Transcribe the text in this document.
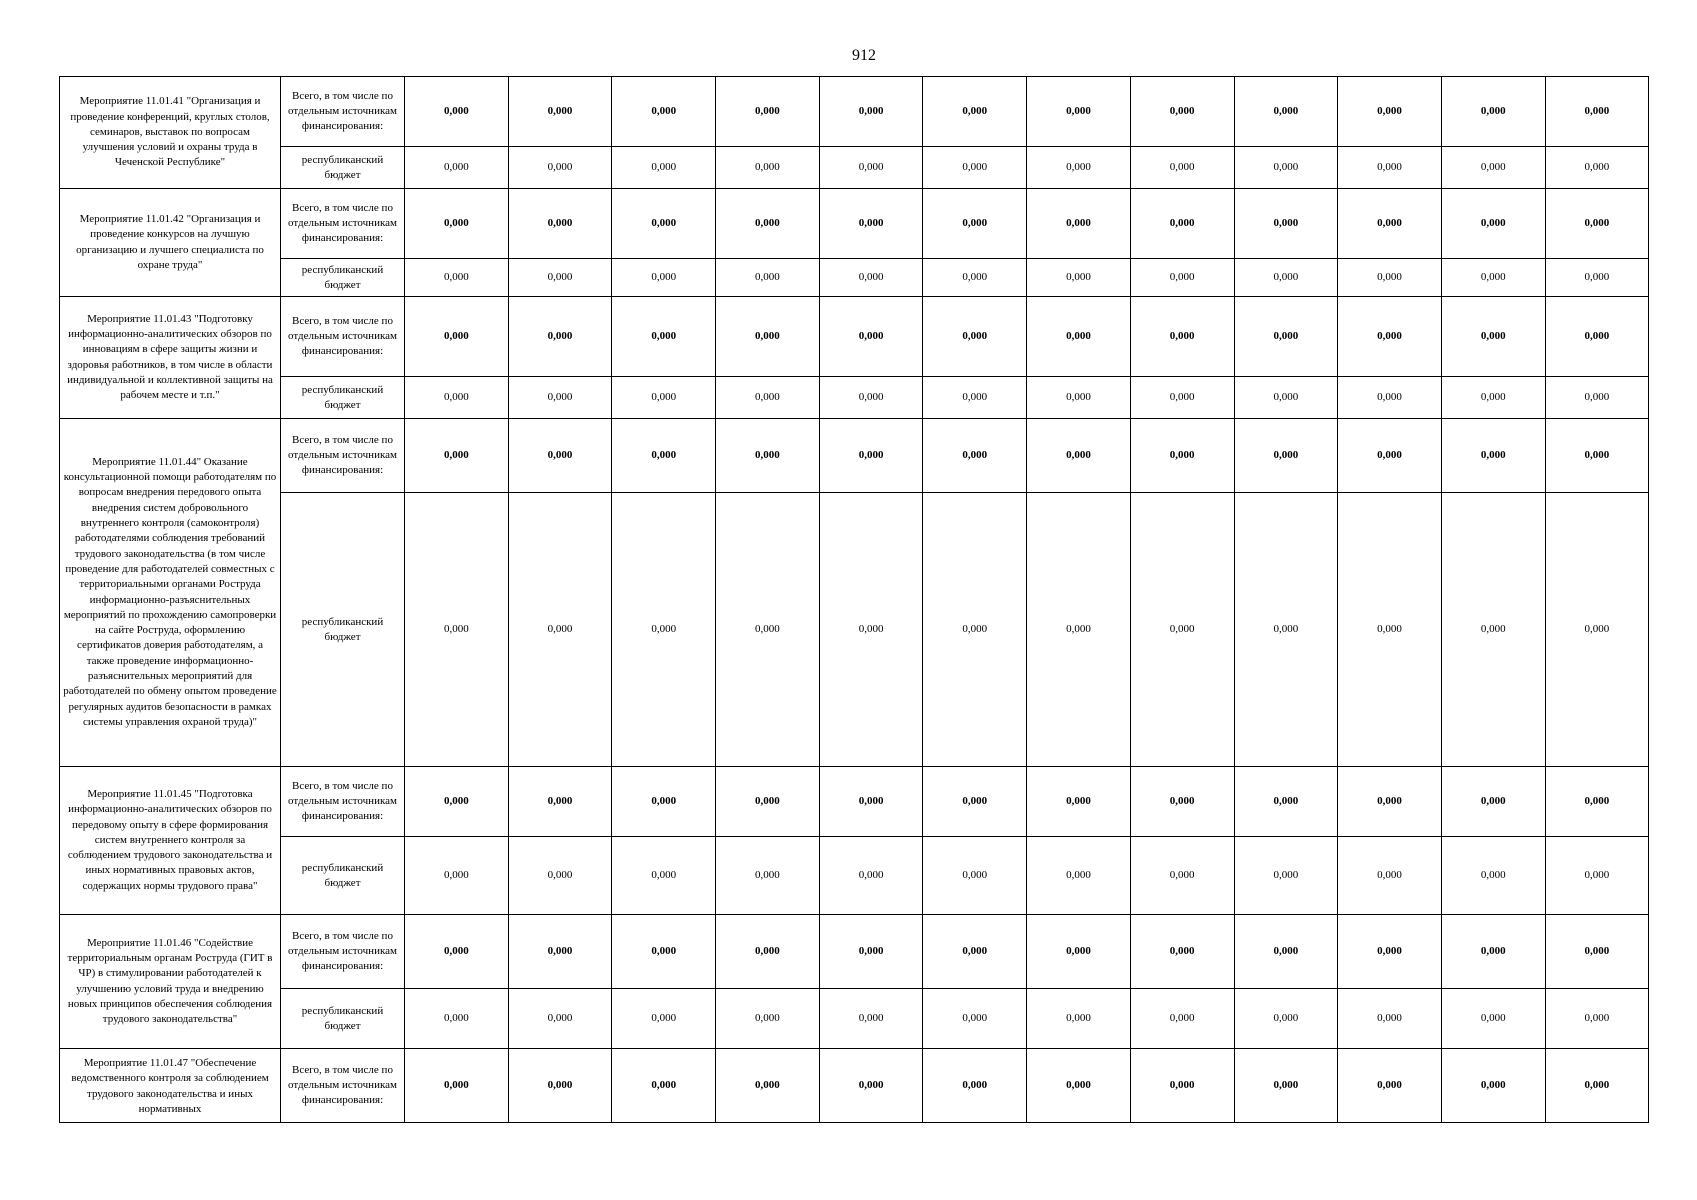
912
Мероприятие 11.01.41 "Организация и проведение конференций, круглых столов, семинаров, выставок по вопросам улучшения условий и охраны труда в Чеченской Республике"	Всего, в том числе по отдельным источникам финансирования:	0,000	0,000	0,000	0,000	0,000	0,000	0,000	0,000	0,000	0,000	0,000	0,000
	республиканский бюджет	0,000	0,000	0,000	0,000	0,000	0,000	0,000	0,000	0,000	0,000	0,000	0,000
Мероприятие 11.01.42 "Организация и проведение конкурсов на лучшую организацию и лучшего специалиста по охране труда"	Всего, в том числе по отдельным источникам финансирования:	0,000	0,000	0,000	0,000	0,000	0,000	0,000	0,000	0,000	0,000	0,000	0,000
	республиканский бюджет	0,000	0,000	0,000	0,000	0,000	0,000	0,000	0,000	0,000	0,000	0,000	0,000
Мероприятие 11.01.43 "Подготовку информационно-аналитических обзоров по инновациям в сфере защиты жизни и здоровья работников, в том числе в области индивидуальной и коллективной защиты на рабочем месте и т.п."	Всего, в том числе по отдельным источникам финансирования:	0,000	0,000	0,000	0,000	0,000	0,000	0,000	0,000	0,000	0,000	0,000	0,000
	республиканский бюджет	0,000	0,000	0,000	0,000	0,000	0,000	0,000	0,000	0,000	0,000	0,000	0,000
Мероприятие 11.01.44" Оказание консультационной помощи работодателям по вопросам внедрения передового опыта внедрения систем добровольного внутреннего контроля (самоконтроля) работодателями соблюдения требований трудового законодательства (в том числе проведение для работодателей совместных с территориальными органами Роструда информационно-разъяснительных мероприятий по прохождению самопроверки на сайте Роструда, оформлению сертификатов доверия работодателям, а также проведение информационно-разъяснительных мероприятий для работодателей по обмену опытом проведение регулярных аудитов безопасности в рамках системы управления охраной труда)"	Всего, в том числе по отдельным источникам финансирования:	0,000	0,000	0,000	0,000	0,000	0,000	0,000	0,000	0,000	0,000	0,000	0,000
	республиканский бюджет	0,000	0,000	0,000	0,000	0,000	0,000	0,000	0,000	0,000	0,000	0,000	0,000
Мероприятие 11.01.45 "Подготовка информационно-аналитических обзоров по передовому опыту в сфере формирования систем внутреннего контроля за соблюдением трудового законодательства и иных нормативных правовых актов, содержащих нормы трудового права"	Всего, в том числе по отдельным источникам финансирования:	0,000	0,000	0,000	0,000	0,000	0,000	0,000	0,000	0,000	0,000	0,000	0,000
	республиканский бюджет	0,000	0,000	0,000	0,000	0,000	0,000	0,000	0,000	0,000	0,000	0,000	0,000
Мероприятие 11.01.46 "Содействие территориальным органам Роструда (ГИТ в ЧР) в стимулировании работодателей к улучшению условий труда и внедрению новых принципов обеспечения соблюдения трудового законодательства"	Всего, в том числе по отдельным источникам финансирования:	0,000	0,000	0,000	0,000	0,000	0,000	0,000	0,000	0,000	0,000	0,000	0,000
	республиканский бюджет	0,000	0,000	0,000	0,000	0,000	0,000	0,000	0,000	0,000	0,000	0,000	0,000

Мероприятие 11.01.47 "Обеспечение ведомственного контроля за соблюдением трудового законодательства и иных нормативных	Всего, в том числе по отдельным источникам финансирования:	0,000	0,000	0,000	0,000	0,000	0,000	0,000	0,000	0,000	0,000	0,000	0,000
